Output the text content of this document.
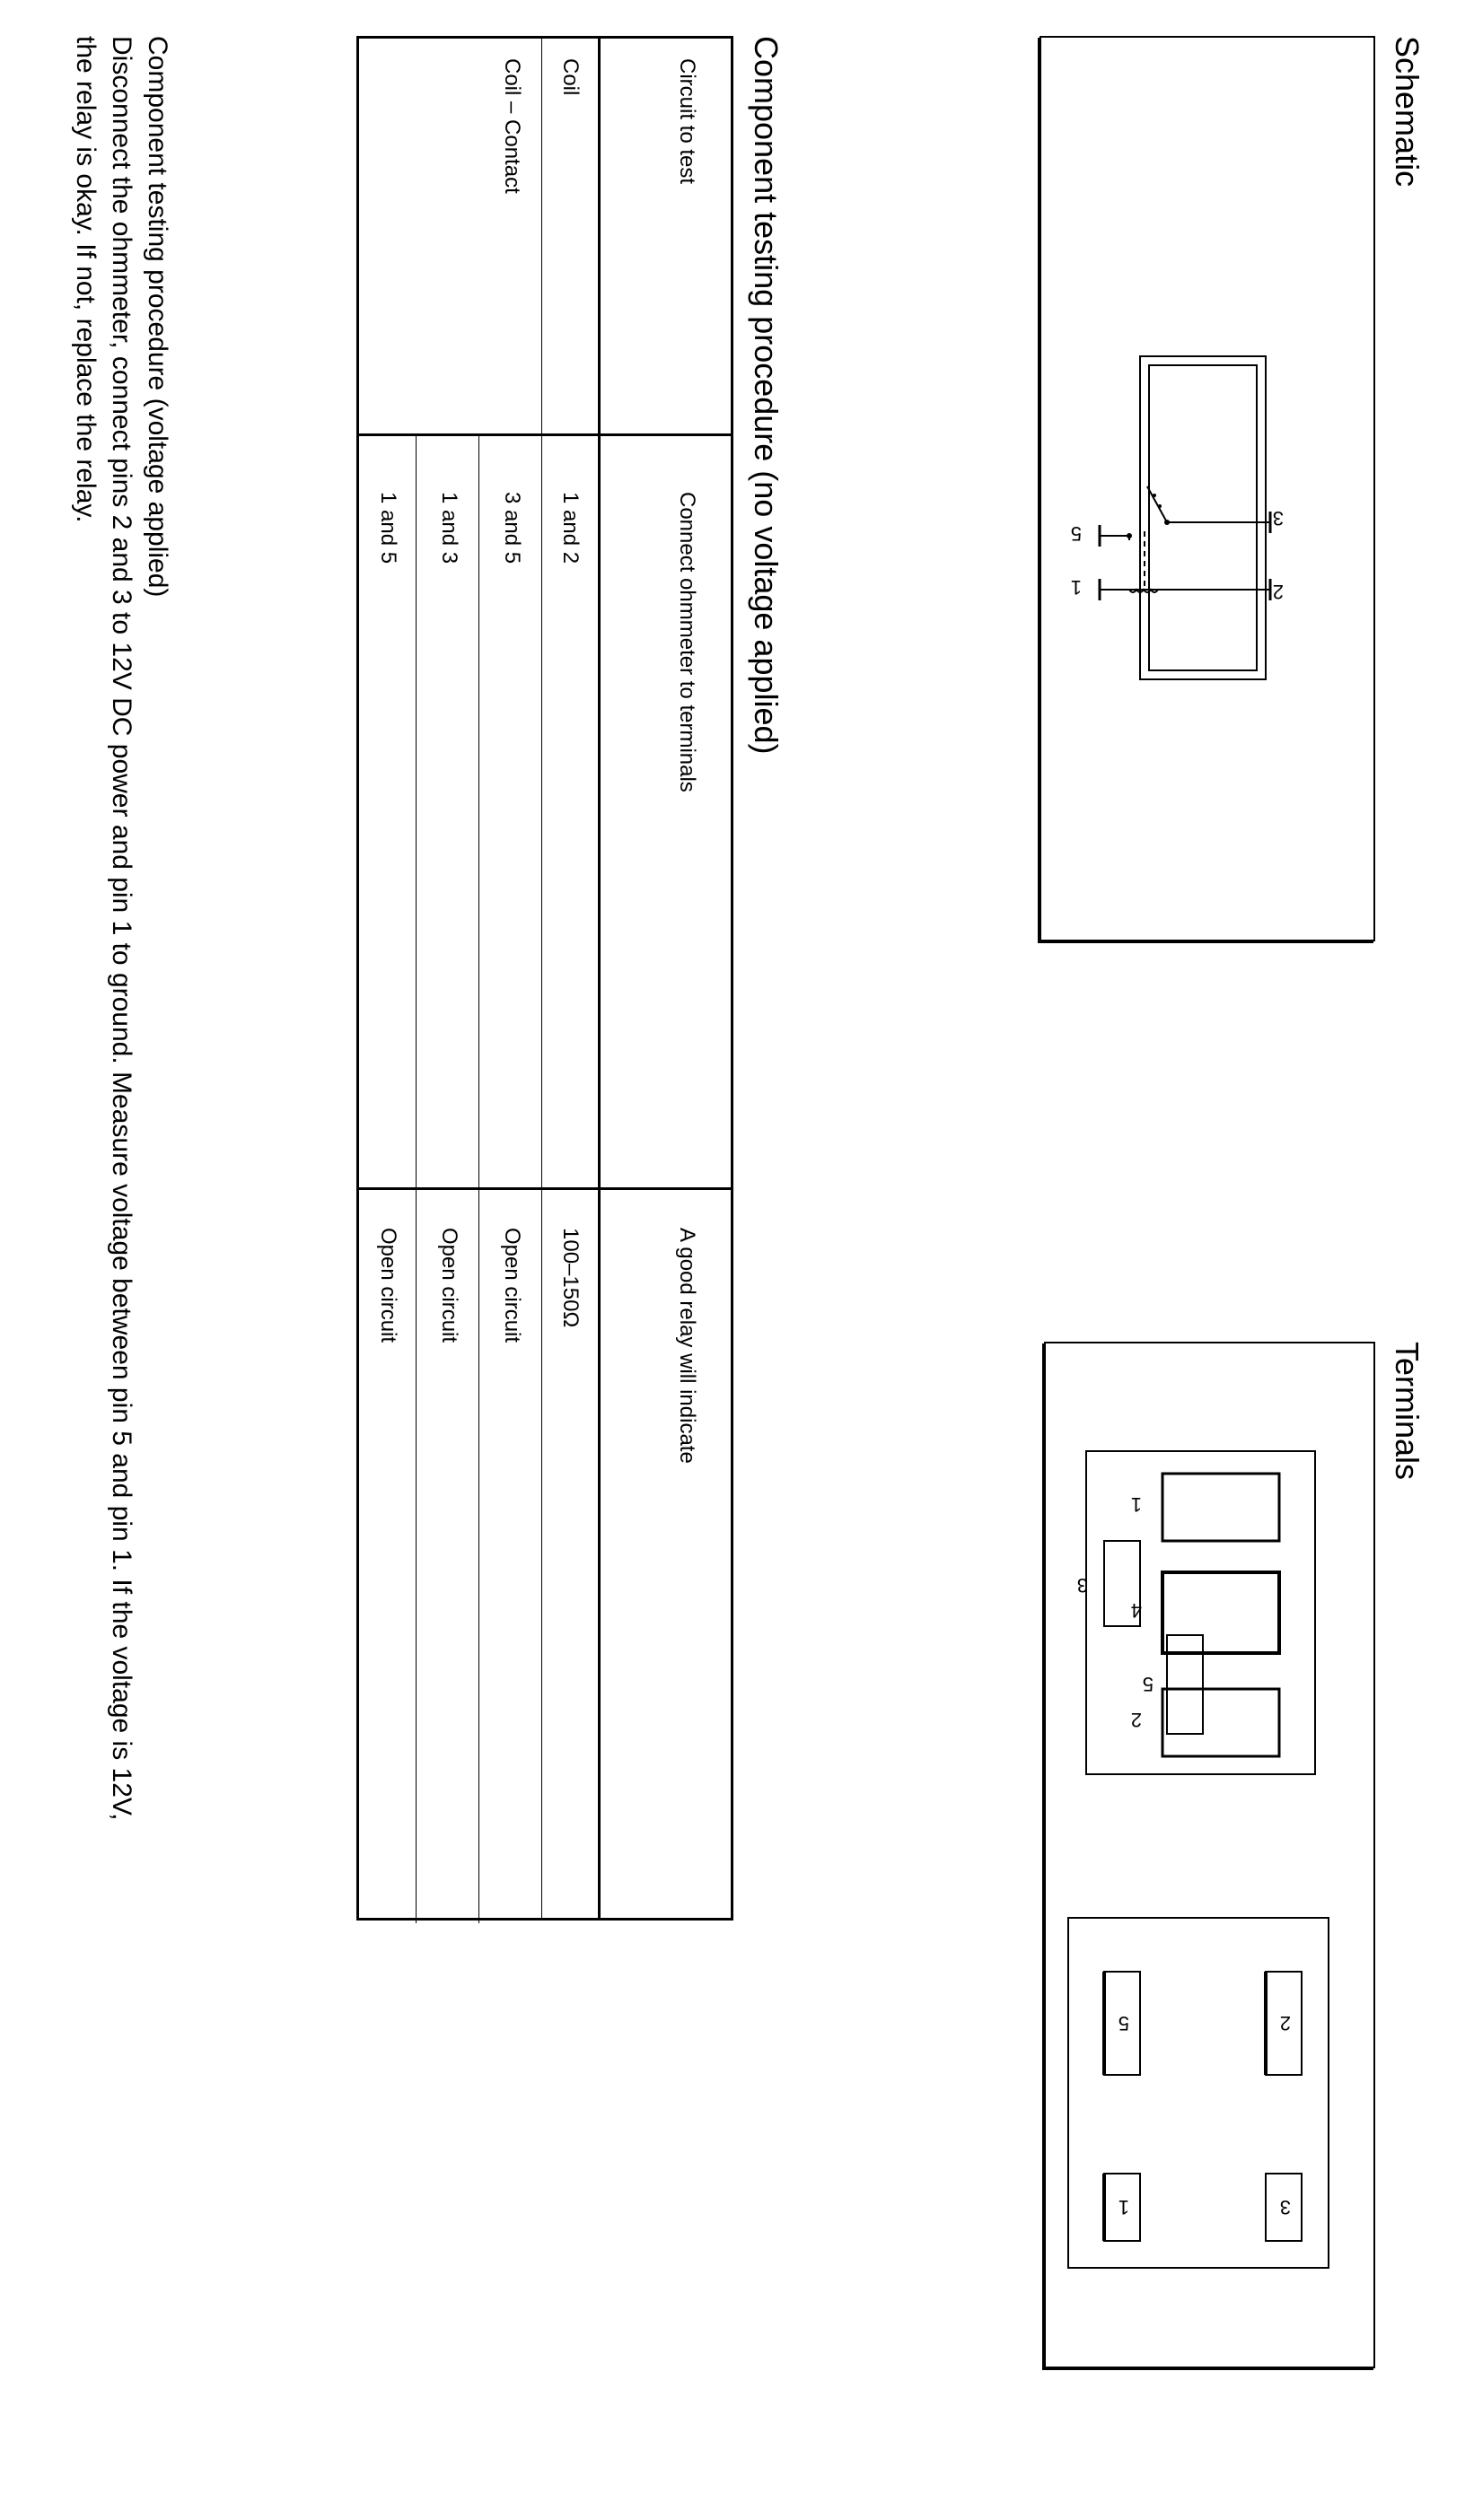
Schematic
3
2
5
1
Terminals
1
4
2
5
3
2
5
3
1
Component testing procedure (no voltage applied)
Circuit to test
Connect ohmmeter to terminals
A good relay will indicate
Coil
1 and 2
100–150Ω
Coil – Contact
3 and 5
Open circuit
1 and 3
Open circuit
1 and 5
Open circuit
Component testing procedure (voltage applied)
Disconnect the ohmmeter, connect pins 2 and 3 to 12V DC power and pin 1 to ground. Measure voltage between pin 5 and pin 1. If the voltage is 12V,
the relay is okay. If not, replace the relay.
